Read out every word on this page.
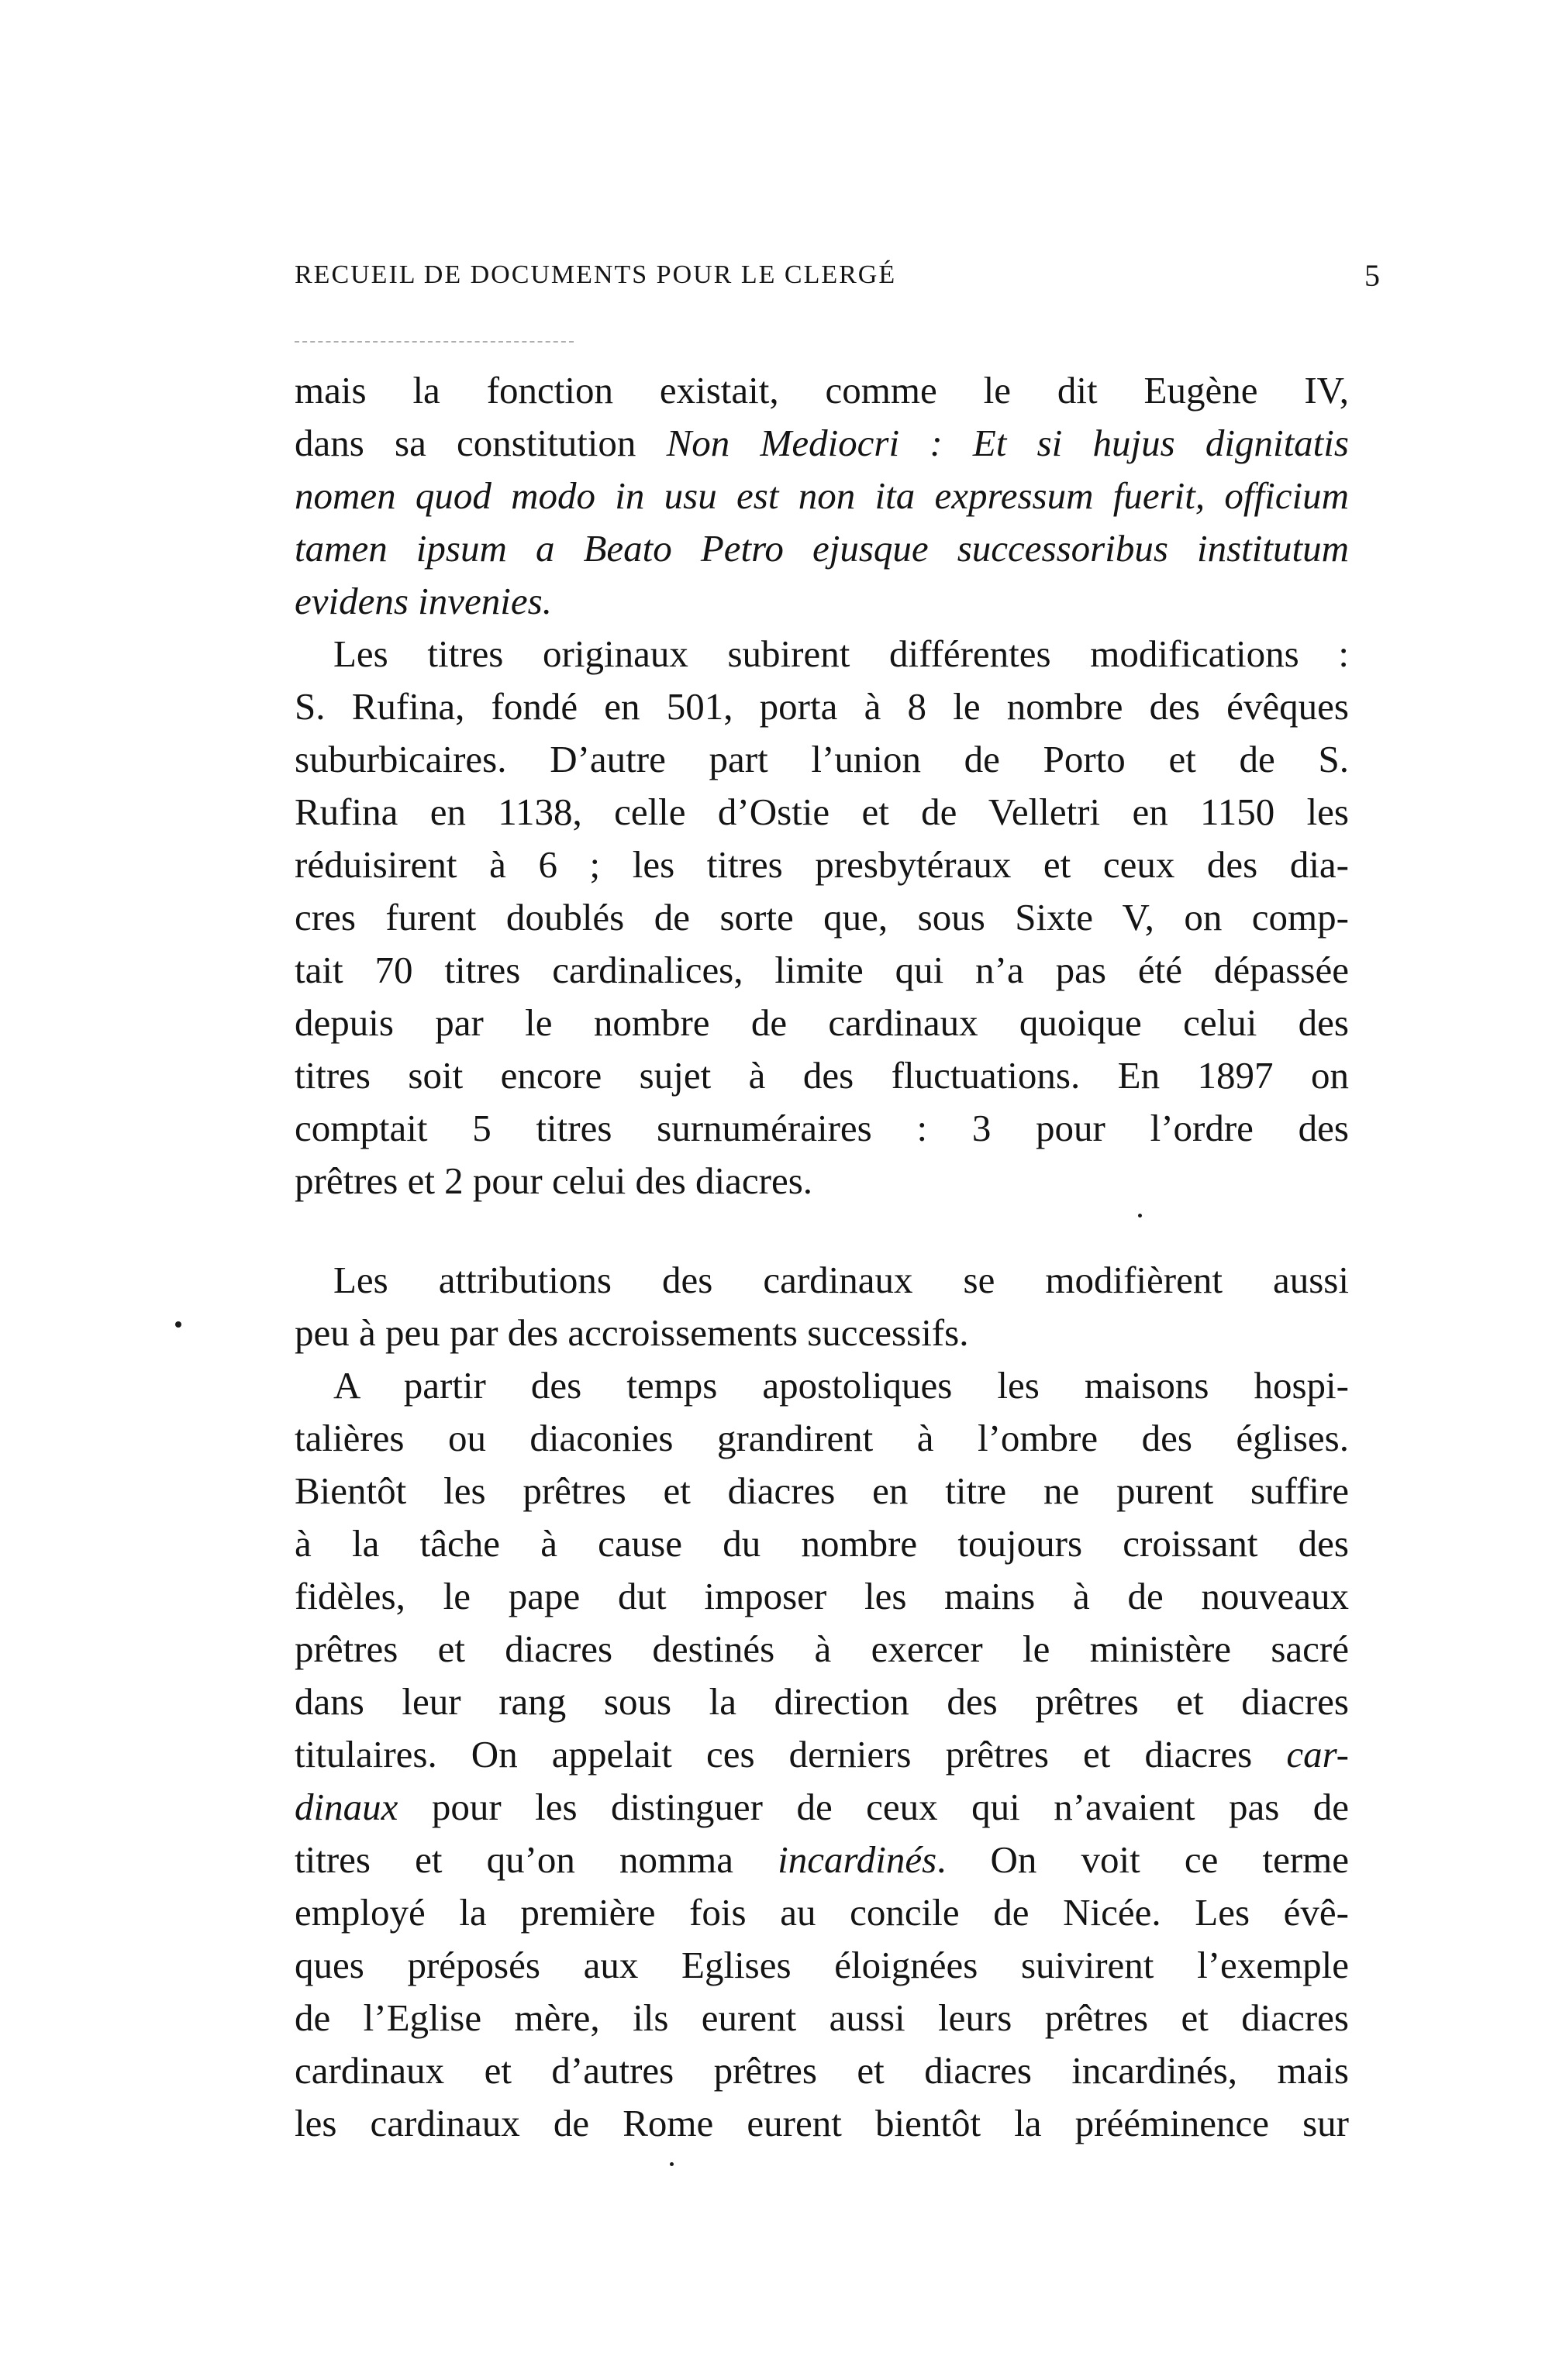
RECUEIL DE DOCUMENTS POUR LE CLERGÉ	5
mais la fonction existait, comme le dit Eugène IV,
dans sa constitution Non Mediocri : Et si hujus dignitatis
nomen quod modo in usu est non ita expressum fuerit, officium
tamen ipsum a Beato Petro ejusque successoribus institutum
evidens invenies.
Les titres originaux subirent différentes modifications :
S. Rufina, fondé en 501, porta à 8 le nombre des évêques
suburbicaires. D’autre part l’union de Porto et de S.
Rufina en 1138, celle d’Ostie et de Velletri en 1150 les
réduisirent à 6 ; les titres presbytéraux et ceux des dia-
cres furent doublés de sorte que, sous Sixte V, on comp-
tait 70 titres cardinalices, limite qui n’a pas été dépassée
depuis par le nombre de cardinaux quoique celui des
titres soit encore sujet à des fluctuations. En 1897 on
comptait 5 titres surnuméraires : 3 pour l’ordre des
prêtres et 2 pour celui des diacres.
Les attributions des cardinaux se modifièrent aussi
peu à peu par des accroissements successifs.
A partir des temps apostoliques les maisons hospi-
talières ou diaconies grandirent à l’ombre des églises.
Bientôt les prêtres et diacres en titre ne purent suffire
à la tâche à cause du nombre toujours croissant des
fidèles, le pape dut imposer les mains à de nouveaux
prêtres et diacres destinés à exercer le ministère sacré
dans leur rang sous la direction des prêtres et diacres
titulaires. On appelait ces derniers prêtres et diacres car-
dinaux pour les distinguer de ceux qui n’avaient pas de
titres et qu’on nomma incardinés. On voit ce terme
employé la première fois au concile de Nicée. Les évê-
ques préposés aux Eglises éloignées suivirent l’exemple
de l’Eglise mère, ils eurent aussi leurs prêtres et diacres
cardinaux et d’autres prêtres et diacres incardinés, mais
les cardinaux de Rome eurent bientôt la prééminence sur
